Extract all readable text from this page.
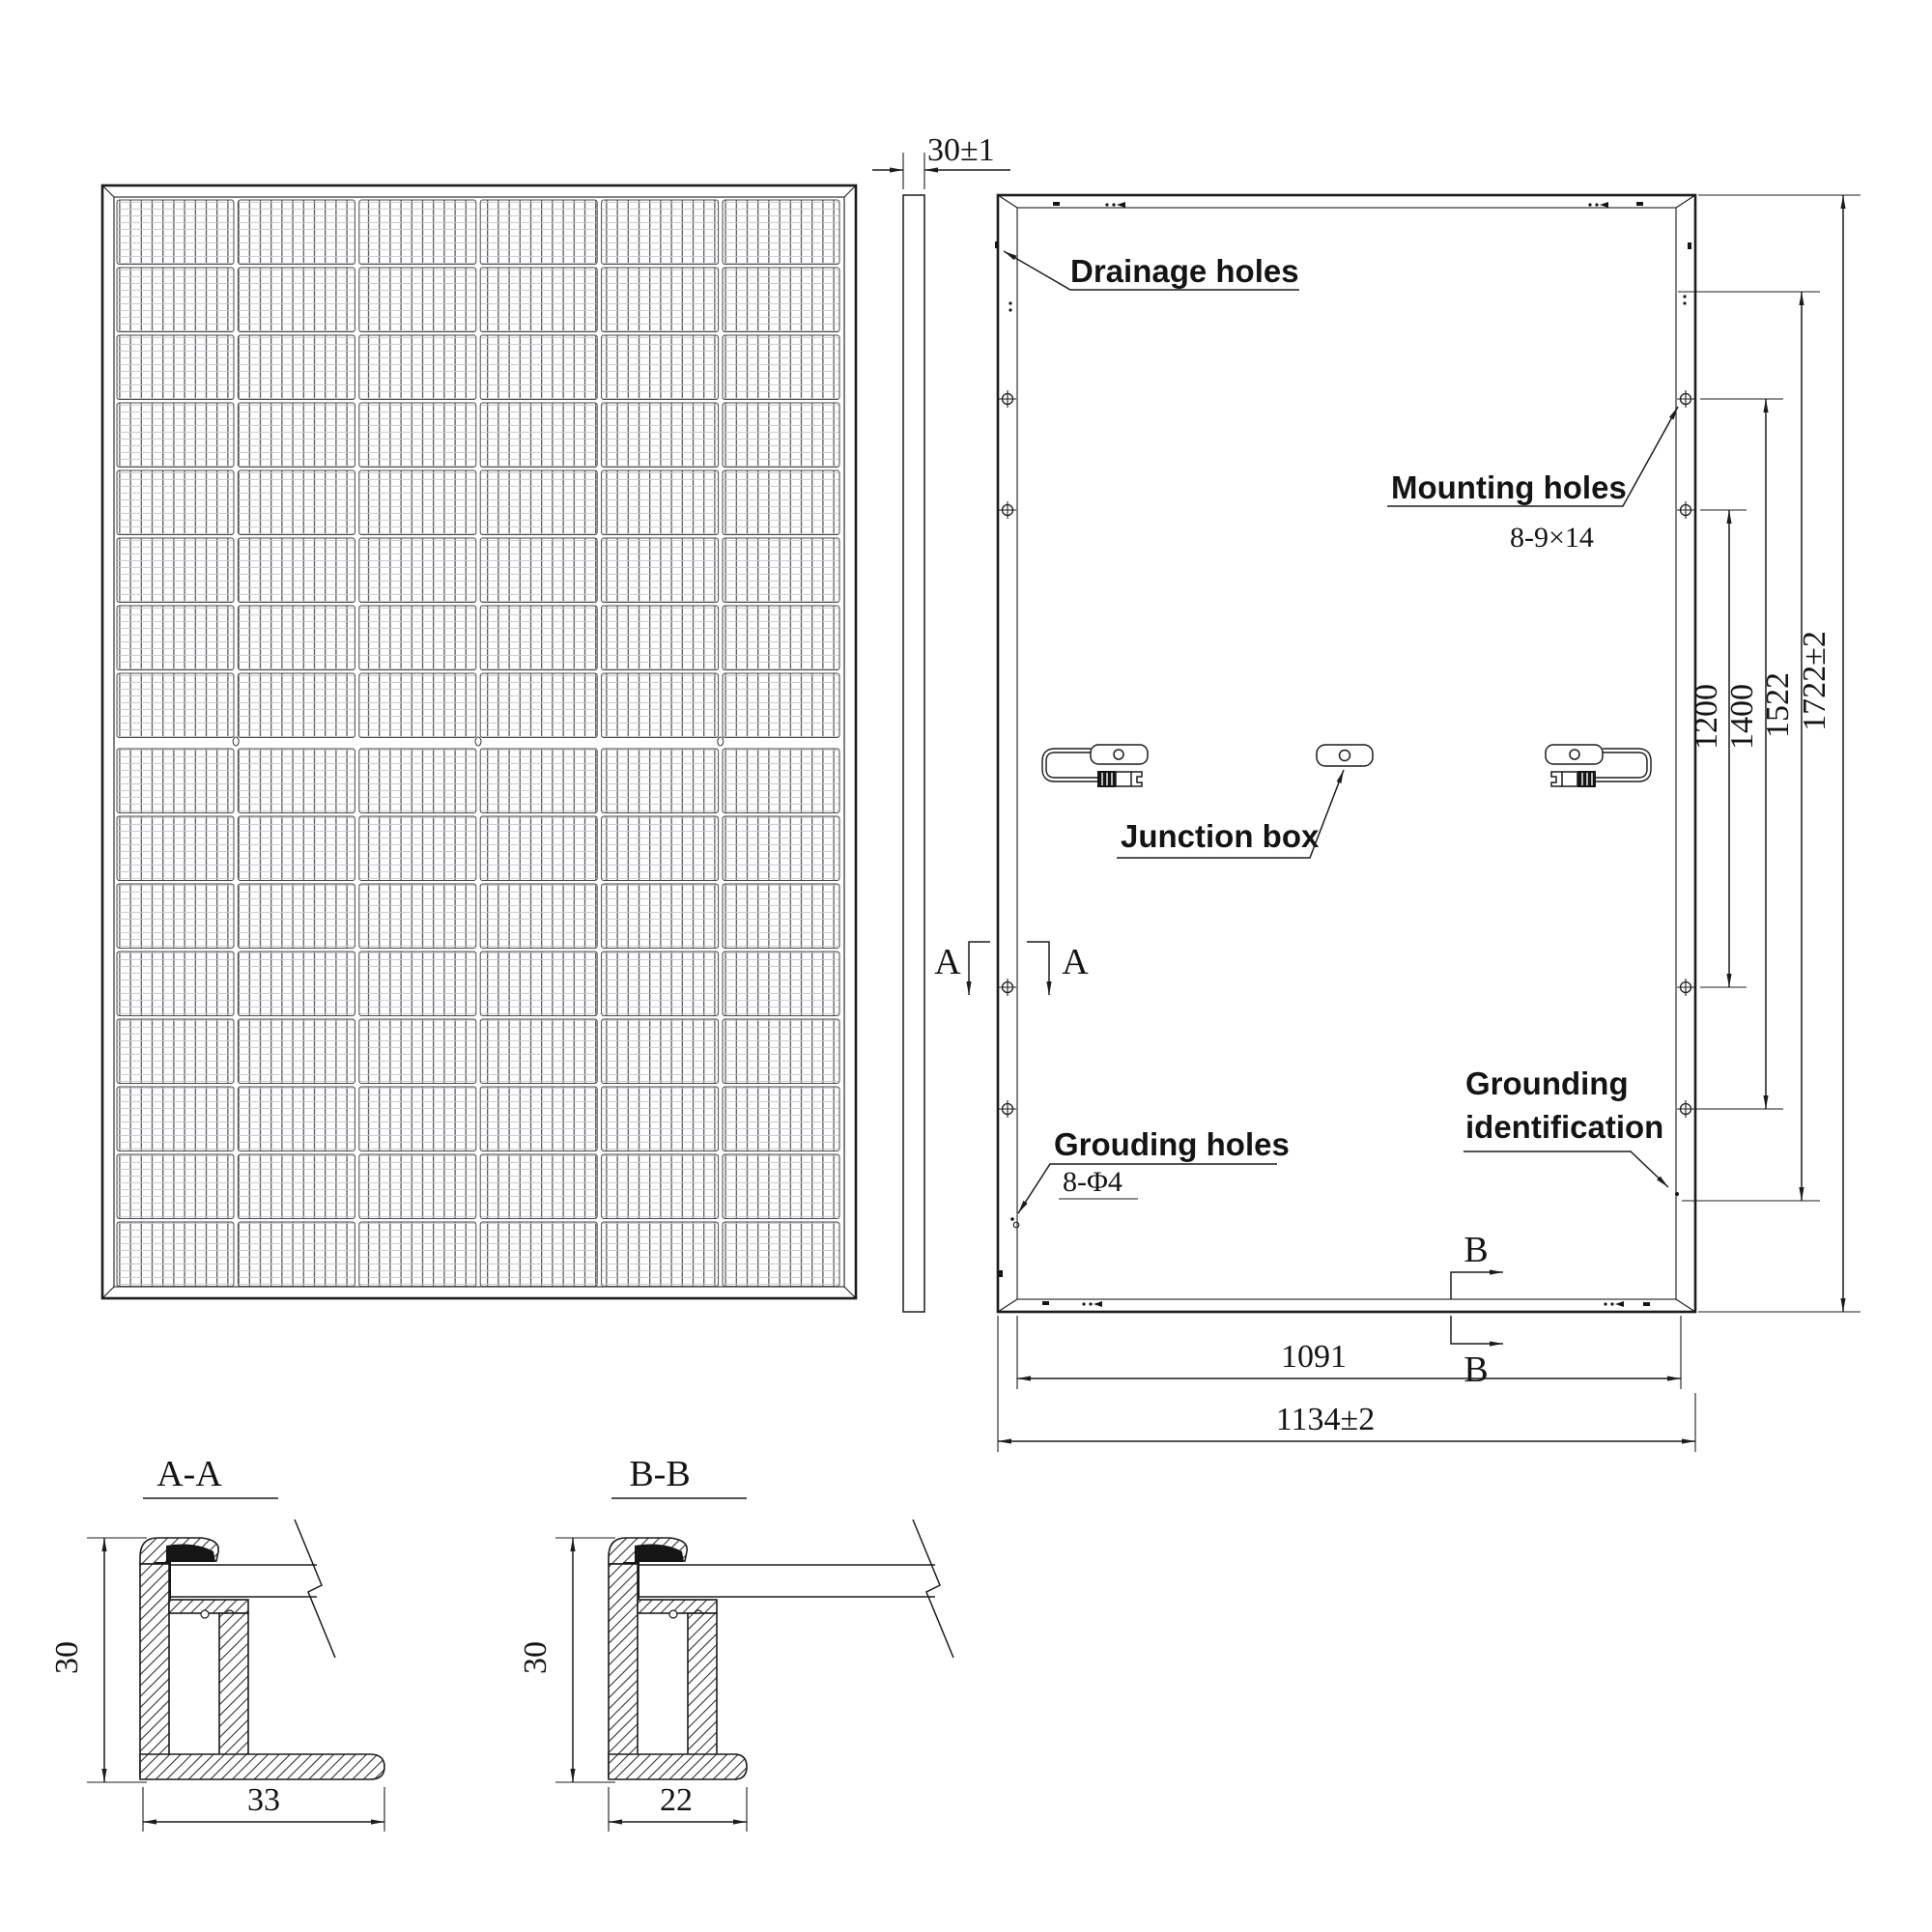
30±1
A	A
B
B
Drainage holes
Mounting holes
8-9×14
Junction box
Grouding holes
8-Φ4
Grounding
identification
1200 1400 1522 1722±2
1091
1134±2
A-A
30
33
B-B
30
22
